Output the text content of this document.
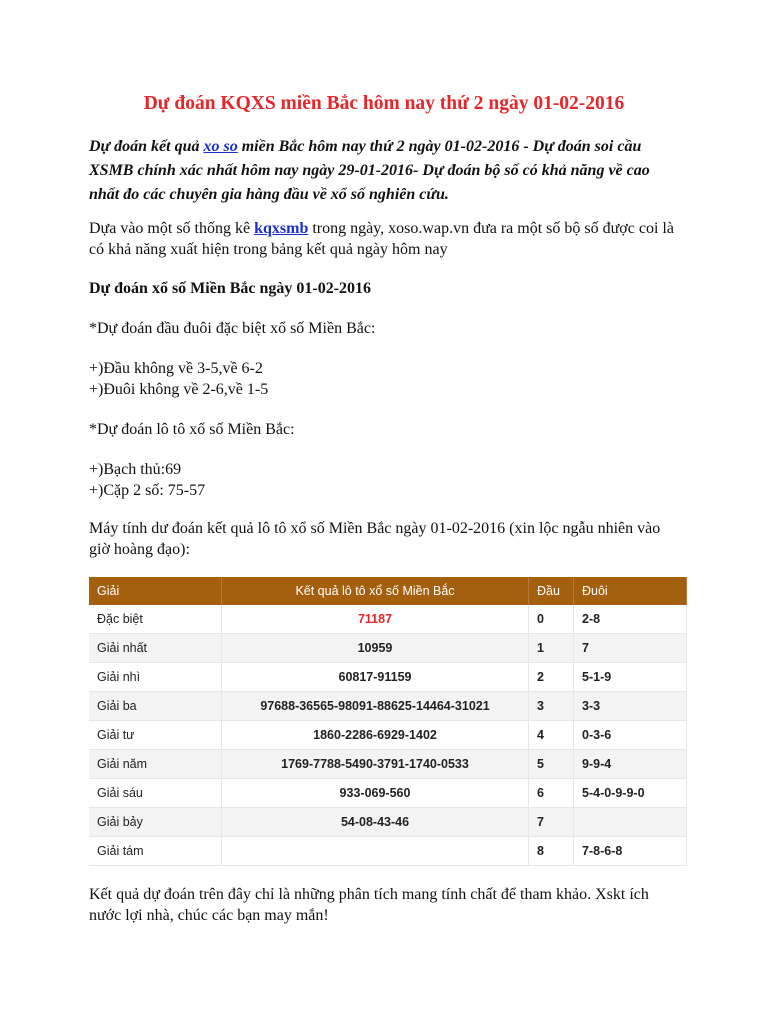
Dự đoán KQXS miền Bắc hôm nay thứ 2 ngày 01-02-2016
Dự đoán kết quả xo so miền Bắc hôm nay thứ 2 ngày 01-02-2016 - Dự đoán soi cầu XSMB chính xác nhất hôm nay ngày 29-01-2016- Dự đoán bộ số có khả năng về cao nhất đo các chuyên gia hàng đầu về xổ số nghiên cứu.
Dựa vào một số thống kê kqxsmb trong ngày, xoso.wap.vn đưa ra một số bộ số được coi là có khả năng xuất hiện trong bảng kết quả ngày hôm nay
Dự đoán xổ số Miền Bắc ngày 01-02-2016
*Dự đoán đầu đuôi đặc biệt xổ số Miền Bắc:
+)Đầu không về 3-5,về 6-2
+)Đuôi không về 2-6,về 1-5
*Dự đoán lô tô xổ số Miền Bắc:
+)Bạch thủ:69
+)Cặp 2 số: 75-57
Máy tính dư đoán kết quả lô tô xổ số Miền Bắc ngày 01-02-2016 (xin lộc ngẫu nhiên vào giờ hoàng đạo):
Giải	Kết quả lô tô xổ số Miền Bắc	Đầu	Đuôi
Đặc biệt	71187	0	2-8
Giải nhất	10959	1	7
Giải nhì	60817-91159	2	5-1-9
Giải ba	97688-36565-98091-88625-14464-31021	3	3-3
Giải tư	1860-2286-6929-1402	4	0-3-6
Giải năm	1769-7788-5490-3791-1740-0533	5	9-9-4
Giải sáu	933-069-560	6	5-4-0-9-9-0
Giải bảy	54-08-43-46	7	
Giải tám		8	7-8-6-8
Kết quả dự đoán trên đây chỉ là những phân tích mang tính chất để tham khảo. Xskt ích nước lợi nhà, chúc các bạn may mắn!
